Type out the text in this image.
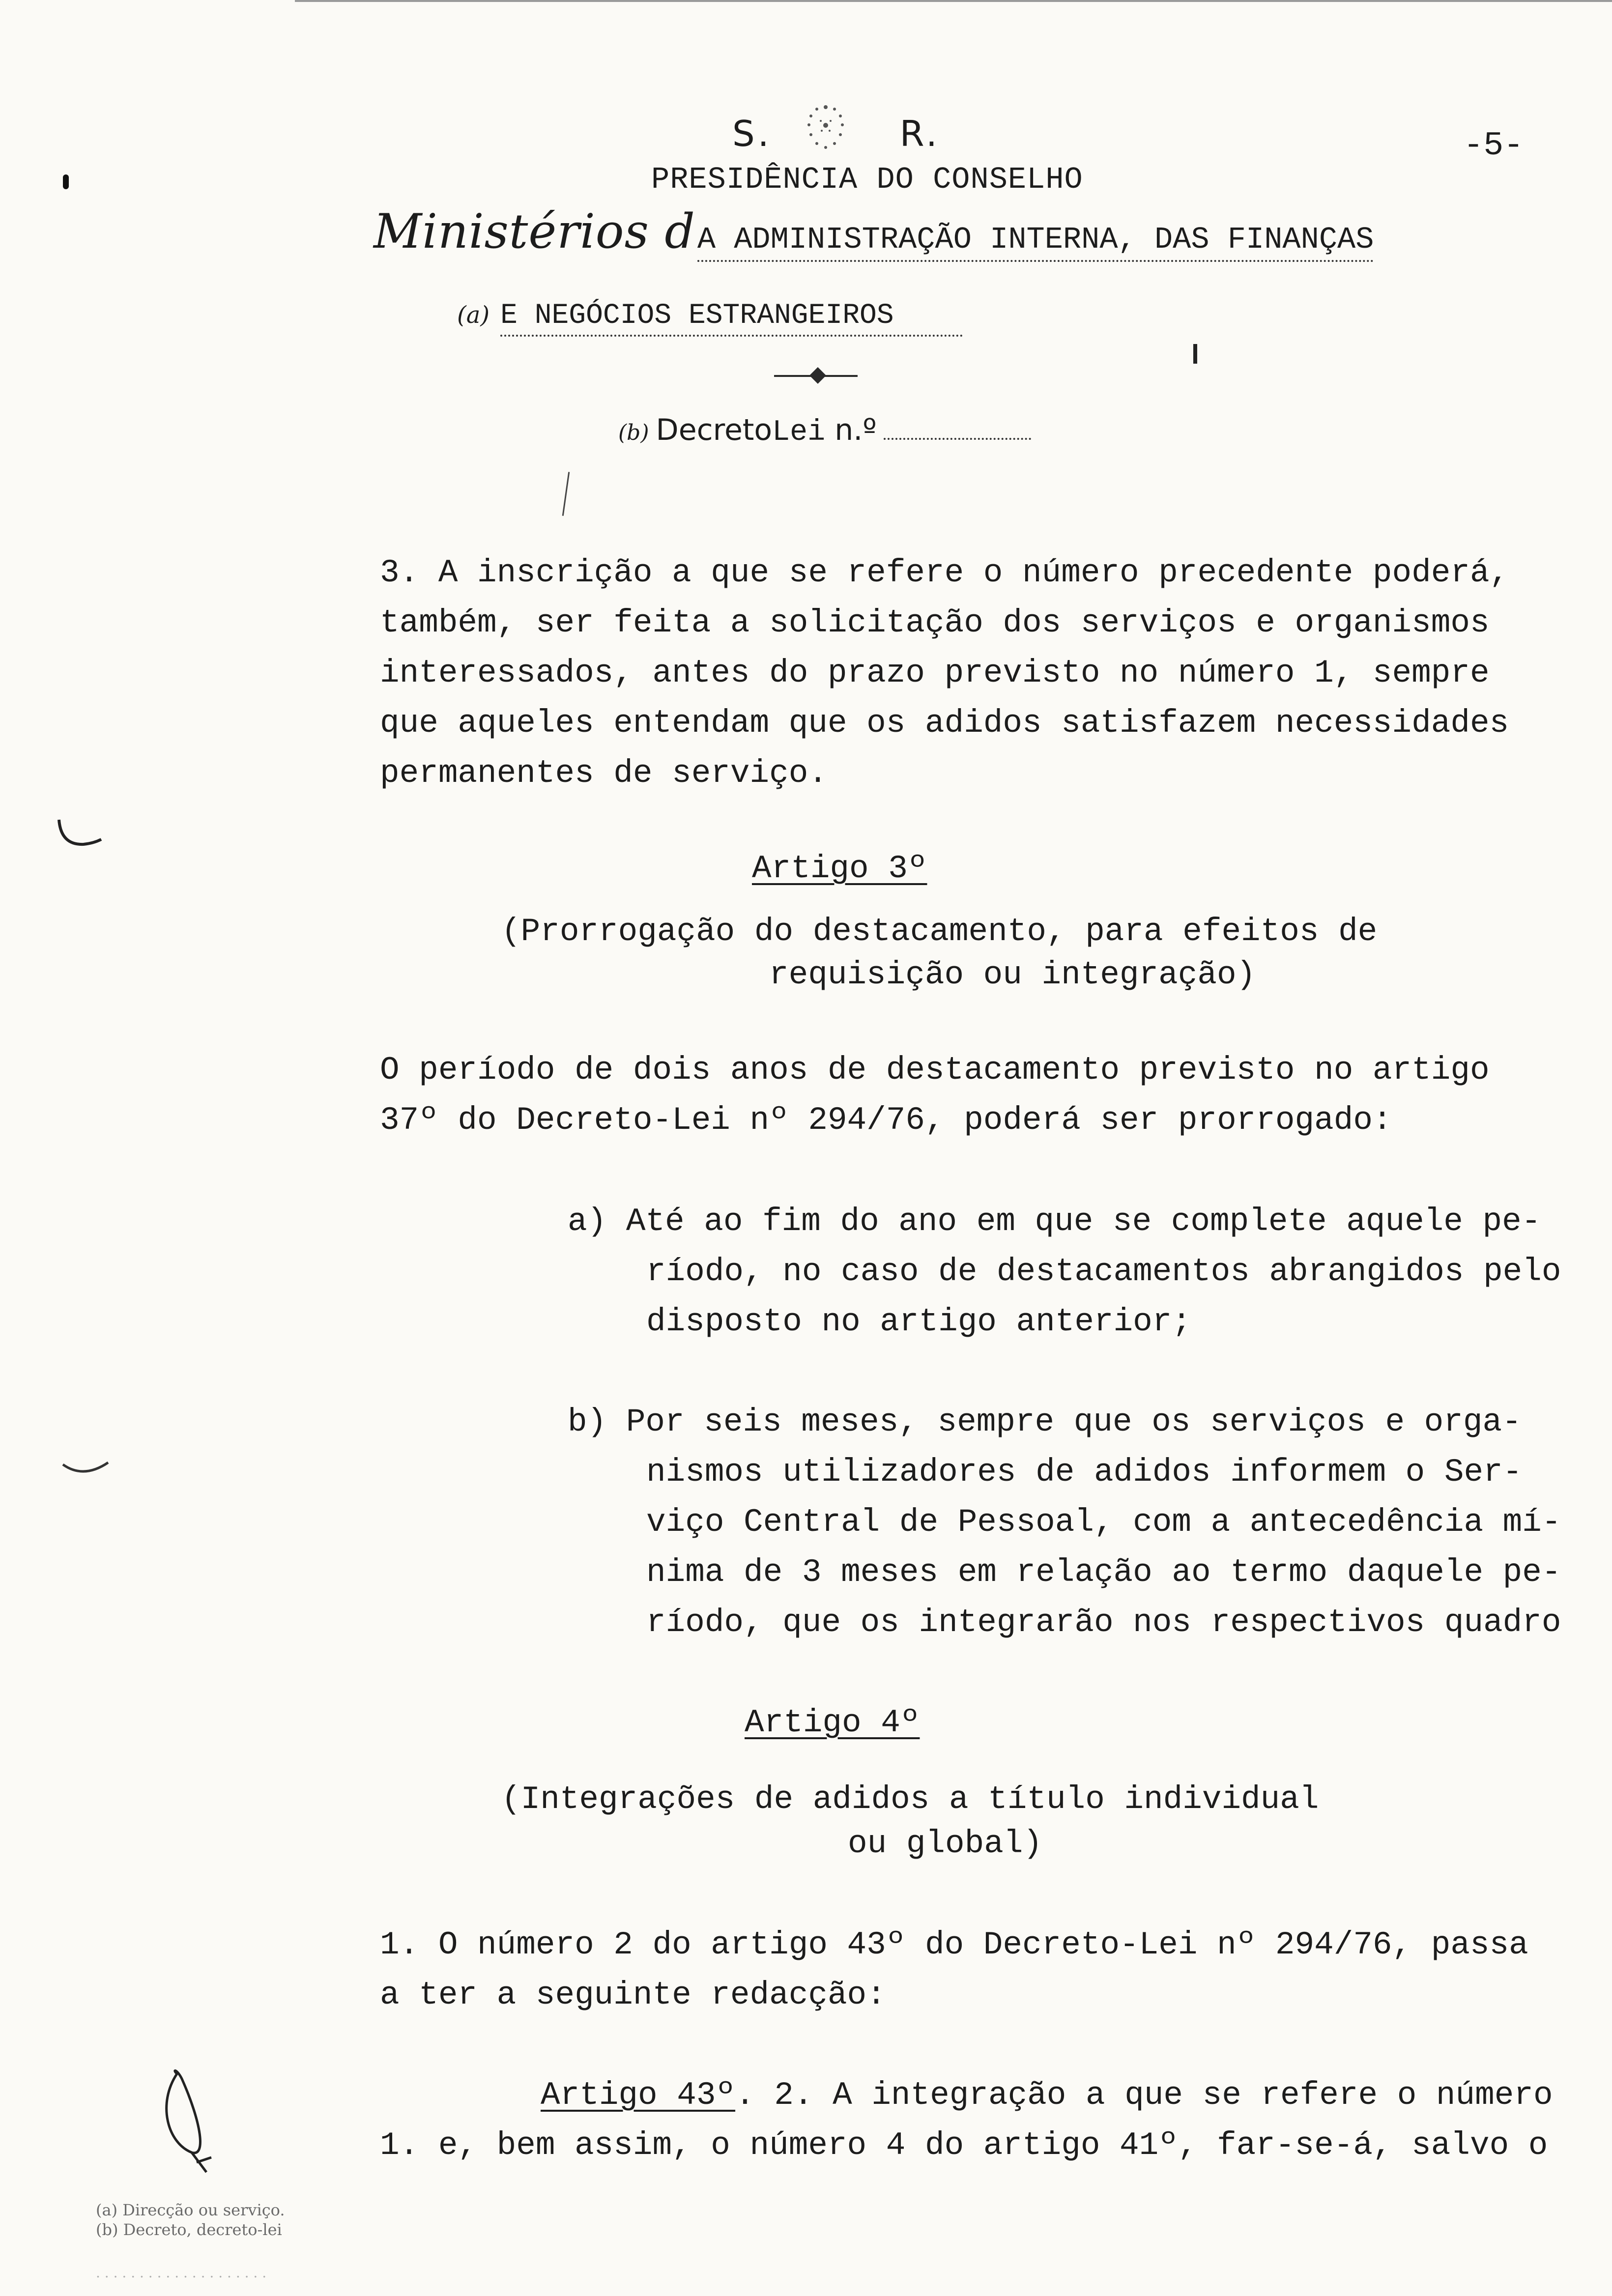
S.	R.	-5-
PRESIDÊNCIA DO CONSELHO
Ministérios dA ADMINISTRAÇÃO INTERNA, DAS FINANÇAS
(a) E NEGÓCIOS ESTRANGEIROS
(b) DecretoLei n.º
3. A inscrição a que se refere o número precedente poderá,
também, ser feita a solicitação dos serviços e organismos
interessados, antes do prazo previsto no número 1, sempre
que aqueles entendam que os adidos satisfazem necessidades
permanentes de serviço.
Artigo 3º
(Prorrogação do destacamento, para efeitos de
requisição ou integração)
O período de dois anos de destacamento previsto no artigo
37º do Decreto-Lei nº 294/76, poderá ser prorrogado:
a) Até ao fim do ano em que se complete aquele pe-
ríodo, no caso de destacamentos abrangidos pelo
disposto no artigo anterior;
b) Por seis meses, sempre que os serviços e orga-
nismos utilizadores de adidos informem o Ser-
viço Central de Pessoal, com a antecedência mí-
nima de 3 meses em relação ao termo daquele pe-
ríodo, que os integrarão nos respectivos quadro
Artigo 4º
(Integrações de adidos a título individual
ou global)
1. O número 2 do artigo 43º do Decreto-Lei nº 294/76, passa
a ter a seguinte redacção:
Artigo 43º. 2. A integração a que se refere o número
1. e, bem assim, o número 4 do artigo 41º, far-se-á, salvo o
(a) Direcção ou serviço.
(b) Decreto, decreto-lei
. . . . . . . . . . . . . . . . . . . .
